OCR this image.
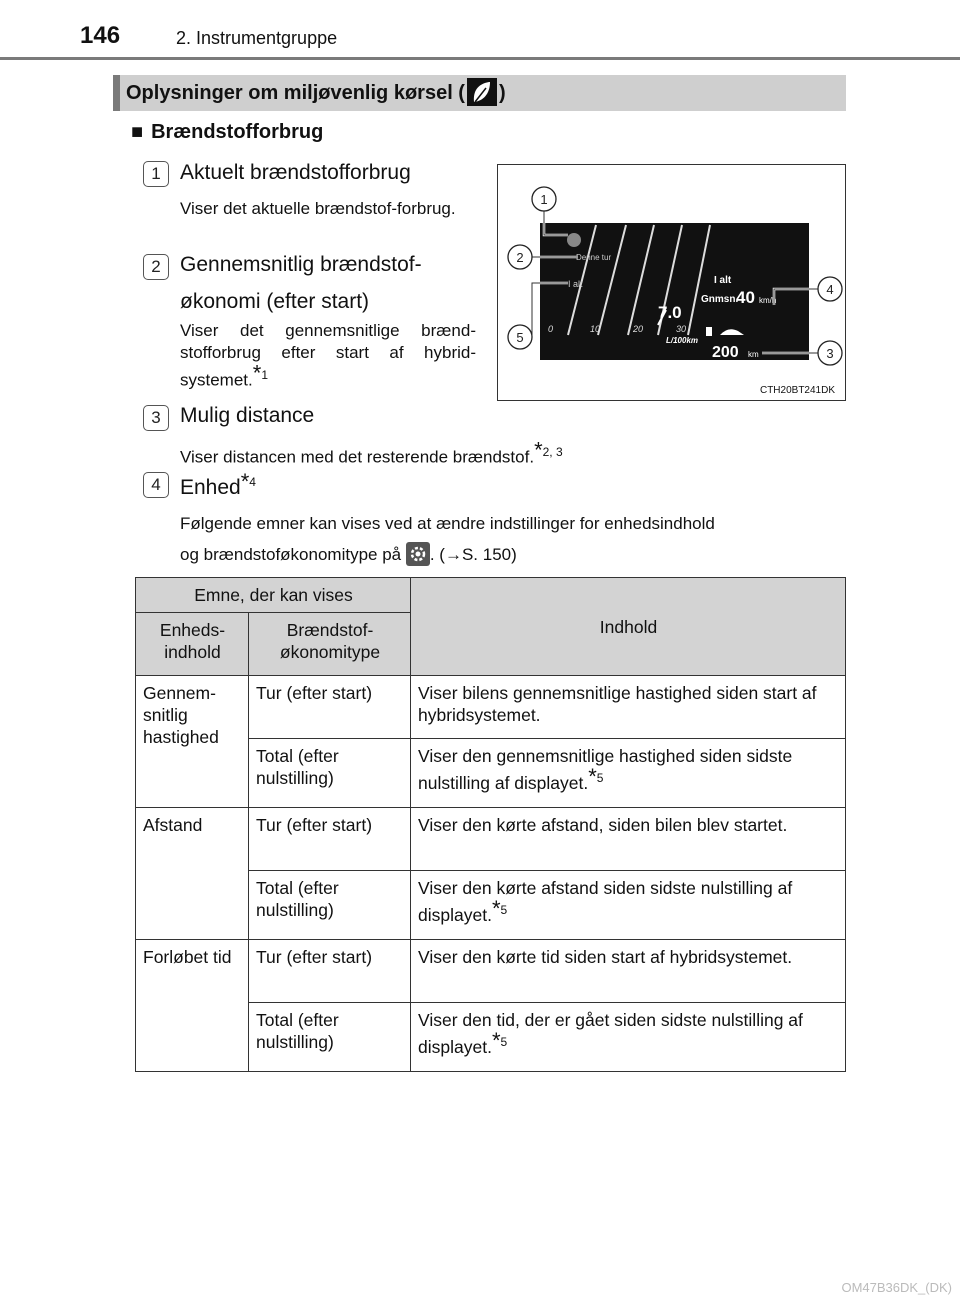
146	2. Instrumentgruppe
Oplysninger om miljøvenlig kørsel ( )
■ Brændstofforbrug
1 Aktuelt brændstofforbrug
Viser det aktuelle brændstof-forbrug.
2 Gennemsnitlig brændstof-
økonomi (efter start)
Viser det gennemsnitlige brænd-stofforbrug efter start af hybrid-systemet.*$^1$
3 Mulig distance
Viser distancen med det resterende brændstof.*$^{2, 3}$
4 Enhed*$^4$
Følgende emner kan vises ved at ændre indstillinger for enhedsindhold
og brændstoføkonomitype på . (→S. 150)
Denne tur
I alt	I alt
Gnmsn.
40 km/h
7.0
0	10	20	30
L/100km
200 km
1
2
4
5
3
CTH20BT241DK
Emne, der kan vises		Indhold
Enheds-indhold	Brændstof-økonomitype	
Gennem-snitlig hastighed	Tur (efter start)	Viser bilens gennemsnitlige hastighed siden start af hybridsystemet.
	Total (efter nulstilling)	Viser den gennemsnitlige hastighed siden sidste nulstilling af displayet.*$^5$
Afstand	Tur (efter start)	Viser den kørte afstand, siden bilen blev startet.
	Total (efter nulstilling)	Viser den kørte afstand siden sidste nulstilling af displayet.*$^5$
Forløbet tid	Tur (efter start)	Viser den kørte tid siden start af hybridsystemet.
	Total (efter nulstilling)	Viser den tid, der er gået siden sidste nulstilling af displayet.*$^5$
OM47B36DK_(DK)
